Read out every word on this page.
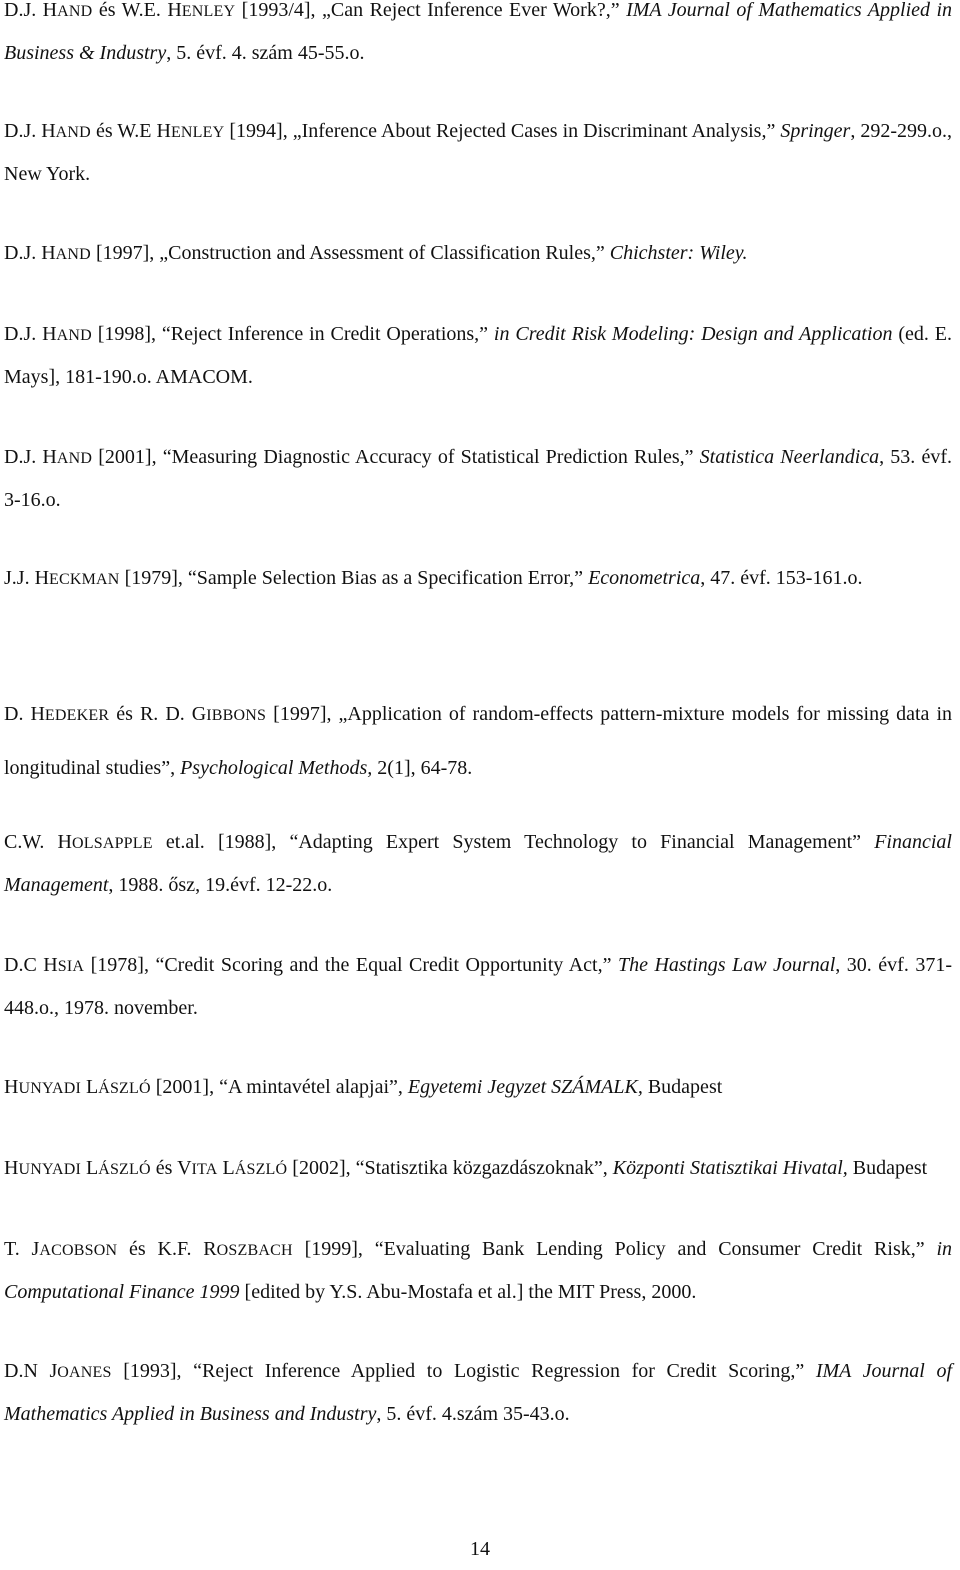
D.J. HAND és W.E. HENLEY [1993/4], „Can Reject Inference Ever Work?,” IMA Journal of Mathematics Applied in Business & Industry, 5. évf. 4. szám 45-55.o.

D.J. HAND és W.E HENLEY [1994], „Inference About Rejected Cases in Discriminant Analysis,” Springer, 292-299.o., New York.

D.J. HAND [1997], „Construction and Assessment of Classification Rules,” Chichster: Wiley.

D.J. HAND [1998], “Reject Inference in Credit Operations,” in Credit Risk Modeling: Design and Application (ed. E. Mays], 181-190.o. AMACOM.

D.J. HAND [2001], “Measuring Diagnostic Accuracy of Statistical Prediction Rules,” Statistica Neerlandica, 53. évf. 3-16.o.

J.J. HECKMAN [1979], “Sample Selection Bias as a Specification Error,” Econometrica, 47. évf. 153-161.o.

D. HEDEKER és R. D. GIBBONS [1997], „Application of random-effects pattern-mixture models for missing data in longitudinal studies”, Psychological Methods, 2(1], 64-78.

C.W. HOLSAPPLE et.al. [1988], “Adapting Expert System Technology to Financial Management” Financial Management, 1988. ősz, 19.évf. 12-22.o.

D.C HSIA [1978], “Credit Scoring and the Equal Credit Opportunity Act,” The Hastings Law Journal, 30. évf. 371-448.o., 1978. november.

HUNYADI LÁSZLÓ [2001], “A mintavétel alapjai”, Egyetemi Jegyzet SZÁMALK, Budapest

HUNYADI LÁSZLÓ és VITA LÁSZLÓ [2002], “Statisztika közgazdászoknak”, Központi Statisztikai Hivatal, Budapest

T. JACOBSON és K.F. ROSZBACH [1999], “Evaluating Bank Lending Policy and Consumer Credit Risk,” in Computational Finance 1999 [edited by Y.S. Abu-Mostafa et al.] the MIT Press, 2000.

D.N JOANES [1993], “Reject Inference Applied to Logistic Regression for Credit Scoring,” IMA Journal of Mathematics Applied in Business and Industry, 5. évf. 4.szám 35-43.o.

14
